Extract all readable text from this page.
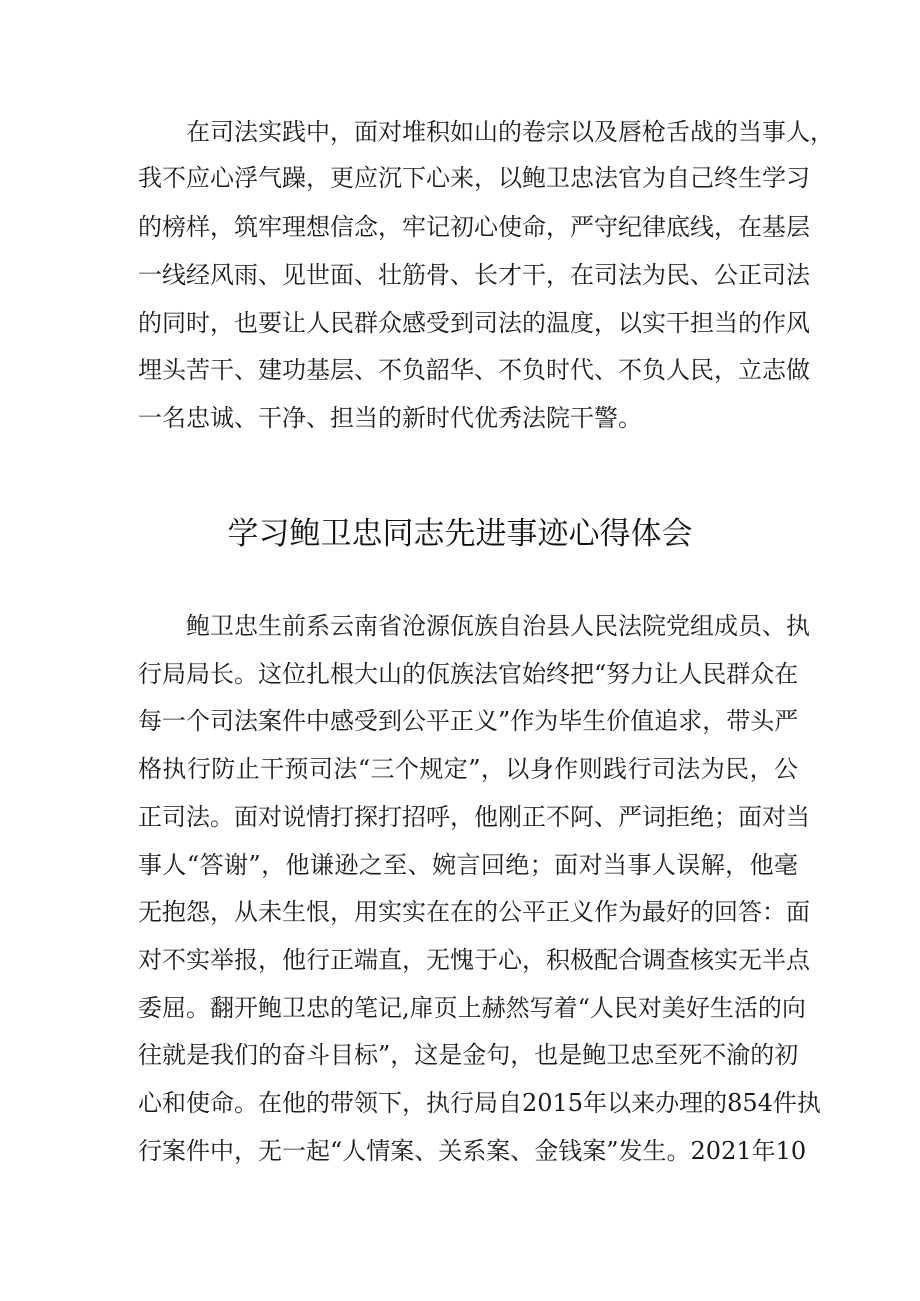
在司法实践中，面对堆积如山的卷宗以及唇枪舌战的当事人，
我不应心浮气躁，更应沉下心来，以鲍卫忠法官为自己终生学习
的榜样，筑牢理想信念，牢记初心使命，严守纪律底线，在基层
一线经风雨、见世面、壮筋骨、长才干，在司法为民、公正司法
的同时，也要让人民群众感受到司法的温度，以实干担当的作风
埋头苦干、建功基层、不负韶华、不负时代、不负人民，立志做
一名忠诚、干净、担当的新时代优秀法院干警。
学习鲍卫忠同志先进事迹心得体会
鲍卫忠生前系云南省沧源佤族自治县人民法院党组成员、执
行局局长。这位扎根大山的佤族法官始终把“努力让人民群众在
每一个司法案件中感受到公平正义”作为毕生价值追求，带头严
格执行防止干预司法“三个规定”，以身作则践行司法为民，公
正司法。面对说情打探打招呼，他刚正不阿、严词拒绝；面对当
事人“答谢”，他谦逊之至、婉言回绝；面对当事人误解，他毫
无抱怨，从未生恨，用实实在在的公平正义作为最好的回答：面
对不实举报，他行正端直，无愧于心，积极配合调查核实无半点
委屈。翻开鲍卫忠的笔记,扉页上赫然写着“人民对美好生活的向
往就是我们的奋斗目标”，这是金句，也是鲍卫忠至死不渝的初
心和使命。在他的带领下，执行局自2015年以来办理的854件执
行案件中，无一起“人情案、关系案、金钱案”发生。2021年10
